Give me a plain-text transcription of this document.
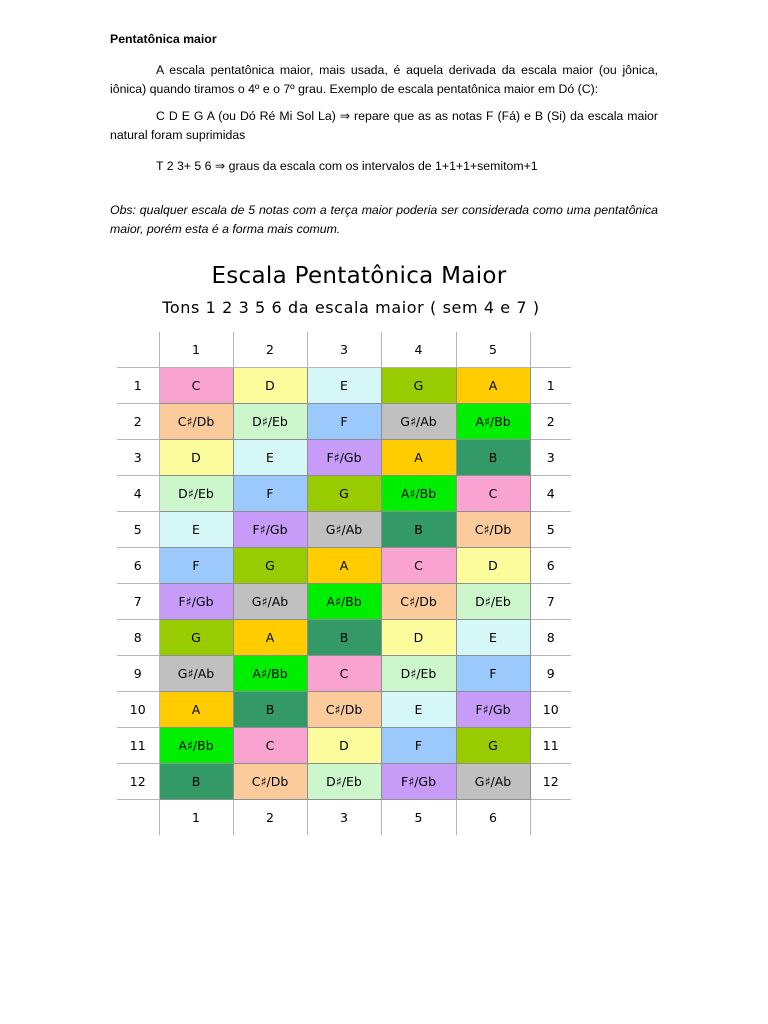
Pentatônica maior

A escala pentatônica maior, mais usada, é aquela derivada da escala maior (ou jônica, iônica) quando tiramos o 4º e o 7º grau. Exemplo de escala pentatônica maior em Dó (C):

C D E G A (ou Dó Ré Mi Sol La) ⇒ repare que as as notas F (Fá) e B (Si) da escala maior natural foram suprimidas

T 2 3+ 5 6 ⇒ graus da escala com os intervalos de 1+1+1+semitom+1

Obs: qualquer escala de 5 notas com a terça maior poderia ser considerada como uma pentatônica maior, porém esta é a forma mais comum.

Escala Pentatônica Maior
Tons 1 2 3 5 6 da escala maior ( sem 4 e 7 )
	1	2	3	4	5	
1	C	D	E	G	A	1
2	C♯/Db	D♯/Eb	F	G♯/Ab	A♯/Bb	2
3	D	E	F♯/Gb	A	B	3
4	D♯/Eb	F	G	A♯/Bb	C	4
5	E	F♯/Gb	G♯/Ab	B	C♯/Db	5
6	F	G	A	C	D	6
7	F♯/Gb	G♯/Ab	A♯/Bb	C♯/Db	D♯/Eb	7
8	G	A	B	D	E	8
9	G♯/Ab	A♯/Bb	C	D♯/Eb	F	9
10	A	B	C♯/Db	E	F♯/Gb	10
11	A♯/Bb	C	D	F	G	11
12	B	C♯/Db	D♯/Eb	F♯/Gb	G♯/Ab	12
	1	2	3	5	6	
